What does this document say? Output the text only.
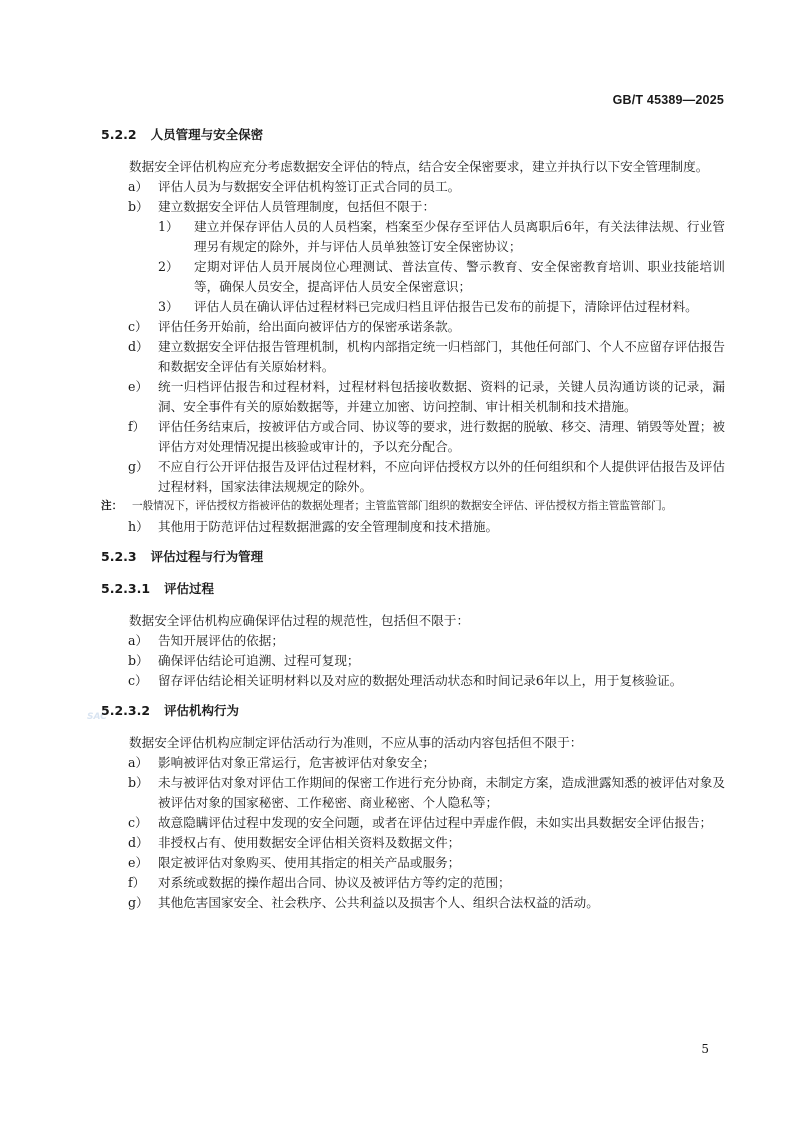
GB/T 45389—2025
SAC
5.2.2 人员管理与安全保密

数据安全评估机构应充分考虑数据安全评估的特点，结合安全保密要求，建立并执行以下安全管理制度。

a） 评估人员为与数据安全评估机构签订正式合同的员工。
b） 建立数据安全评估人员管理制度，包括但不限于：
1）	建立并保存评估人员的人员档案，档案至少保存至评估人员离职后6年，有关法律法规、行业管理另有规定的除外，并与评估人员单独签订安全保密协议；
2）	定期对评估人员开展岗位心理测试、普法宣传、警示教育、安全保密教育培训、职业技能培训等，确保人员安全，提高评估人员安全保密意识；
3）	评估人员在确认评估过程材料已完成归档且评估报告已发布的前提下，清除评估过程材料。
c） 评估任务开始前，给出面向被评估方的保密承诺条款。
d） 建立数据安全评估报告管理机制，机构内部指定统一归档部门，其他任何部门、个人不应留存评估报告和数据安全评估有关原始材料。
e） 统一归档评估报告和过程材料，过程材料包括接收数据、资料的记录，关键人员沟通访谈的记录，漏洞、安全事件有关的原始数据等，并建立加密、访问控制、审计相关机制和技术措施。
f）	评估任务结束后，按被评估方或合同、协议等的要求，进行数据的脱敏、移交、清理、销毁等处置；被评估方对处理情况提出核验或审计的，予以充分配合。
g） 不应自行公开评估报告及评估过程材料，不应向评估授权方以外的任何组织和个人提供评估报告及评估过程材料，国家法律法规规定的除外。
注： 一般情况下，评估授权方指被评估的数据处理者；主管监管部门组织的数据安全评估、评估授权方指主管监管部门。
h） 其他用于防范评估过程数据泄露的安全管理制度和技术措施。
5.2.3 评估过程与行为管理
5.2.3.1 评估过程

数据安全评估机构应确保评估过程的规范性，包括但不限于：

a） 告知开展评估的依据；
b） 确保评估结论可追溯、过程可复现；
c） 留存评估结论相关证明材料以及对应的数据处理活动状态和时间记录6年以上，用于复核验证。
5.2.3.2 评估机构行为

数据安全评估机构应制定评估活动行为准则，不应从事的活动内容包括但不限于：

a） 影响被评估对象正常运行，危害被评估对象安全；
b） 未与被评估对象对评估工作期间的保密工作进行充分协商，未制定方案，造成泄露知悉的被评估对象及被评估对象的国家秘密、工作秘密、商业秘密、个人隐私等；
c） 故意隐瞒评估过程中发现的安全问题，或者在评估过程中弄虚作假，未如实出具数据安全评估报告；
d） 非授权占有、使用数据安全评估相关资料及数据文件；
e） 限定被评估对象购买、使用其指定的相关产品或服务；
f）	对系统或数据的操作超出合同、协议及被评估方等约定的范围；
g） 其他危害国家安全、社会秩序、公共利益以及损害个人、组织合法权益的活动。
5
